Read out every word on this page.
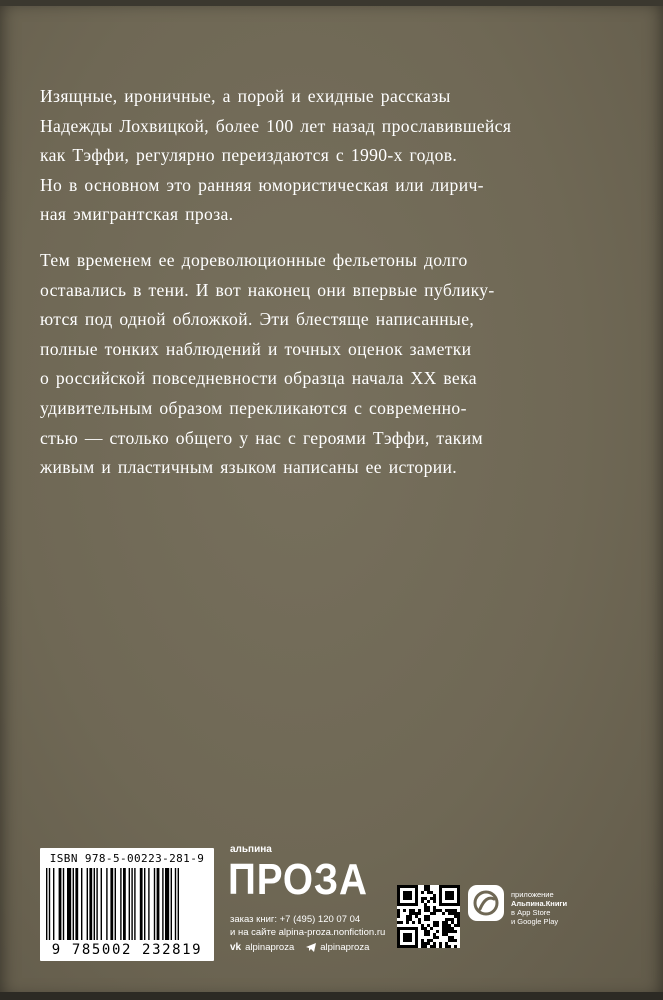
Изящные, ироничные, а порой и ехидные рассказы
Надежды Лохвицкой, более 100 лет назад прославившейся
как Тэффи, регулярно переиздаются с 1990-х годов.
Но в основном это ранняя юмористическая или лирич-
ная эмигрантская проза.

Тем временем ее дореволюционные фельетоны долго
оставались в тени. И вот наконец они впервые публику-
ются под одной обложкой. Эти блестяще написанные,
полные тонких наблюдений и точных оценок заметки
о российской повседневности образца начала XX века
удивительным образом перекликаются с современно-
стью — столько общего у нас с героями Тэффи, таким
живым и пластичным языком написаны ее истории.

ISBN 978-5-00223-281-9
9 785002 232819
альпина
ПРОЗА
заказ книг: +7 (495) 120 07 04
и на сайте alpina-proza.nonfiction.ru
vk alpinaproza	alpinaproza
приложение
Альпина.Книги
в App Store
и Google Play
